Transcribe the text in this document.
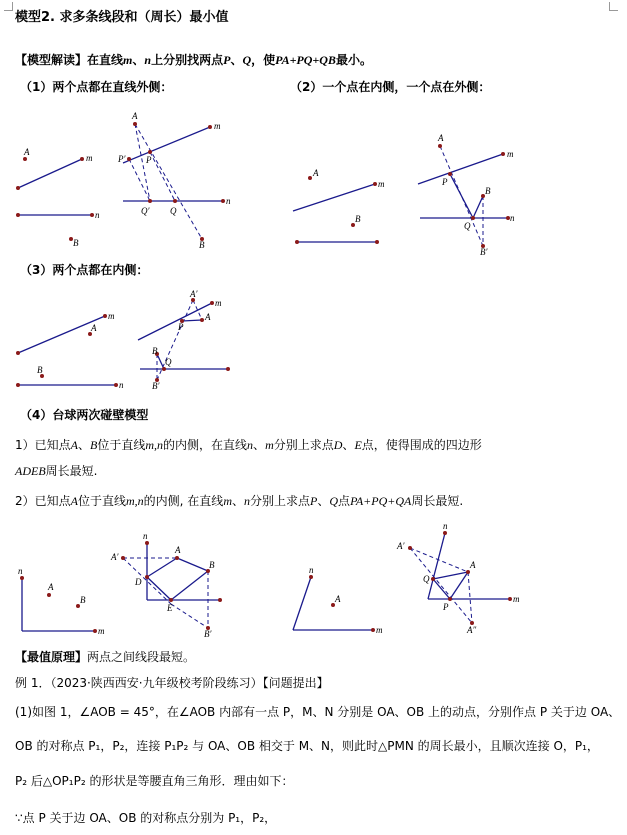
模型2. 求多条线段和（周长）最小值
【模型解读】在直线m、n上分别找两点P、Q，使PA+PQ+QB最小。
（1）两个点都在直线外侧：	（2）一个点在内侧，一个点在外侧：
A
m
n
B
A
m
P
P′
Q′ Q
n
B
A
m
B
A
m
P
B
Q
B′
n
（3）两个点都在内侧：
A
m
B
n
A′
m
A
P
B
Q
B′
（4）台球两次碰壁模型
1）已知点A、B位于直线m,n的内侧，在直线n、m分别上求点D、E点，使得围成的四边形
ADEB周长最短.
2）已知点A位于直线m,n的内侧, 在直线m、n分别上求点P、Q点PA+PQ+QA周长最短.
n
A
B
m
n
A′
A
D
B
E
B′
n
A
m
n
A′
A
Q
P
m
A″
【最值原理】两点之间线段最短。
例 1．（2023·陕西西安·九年级校考阶段练习）【问题提出】
(1)如图 1，∠AOB = 45°，在∠AOB 内部有一点 P，M、N 分别是 OA、OB 上的动点，分别作点 P 关于边 OA、
OB 的对称点 P₁，P₂，连接 P₁P₂ 与 OA、OB 相交于 M、N，则此时△PMN 的周长最小，且顺次连接 O，P₁，
P₂ 后△OP₁P₂ 的形状是等腰直角三角形．理由如下：
∵点 P 关于边 OA、OB 的对称点分别为 P₁，P₂，
